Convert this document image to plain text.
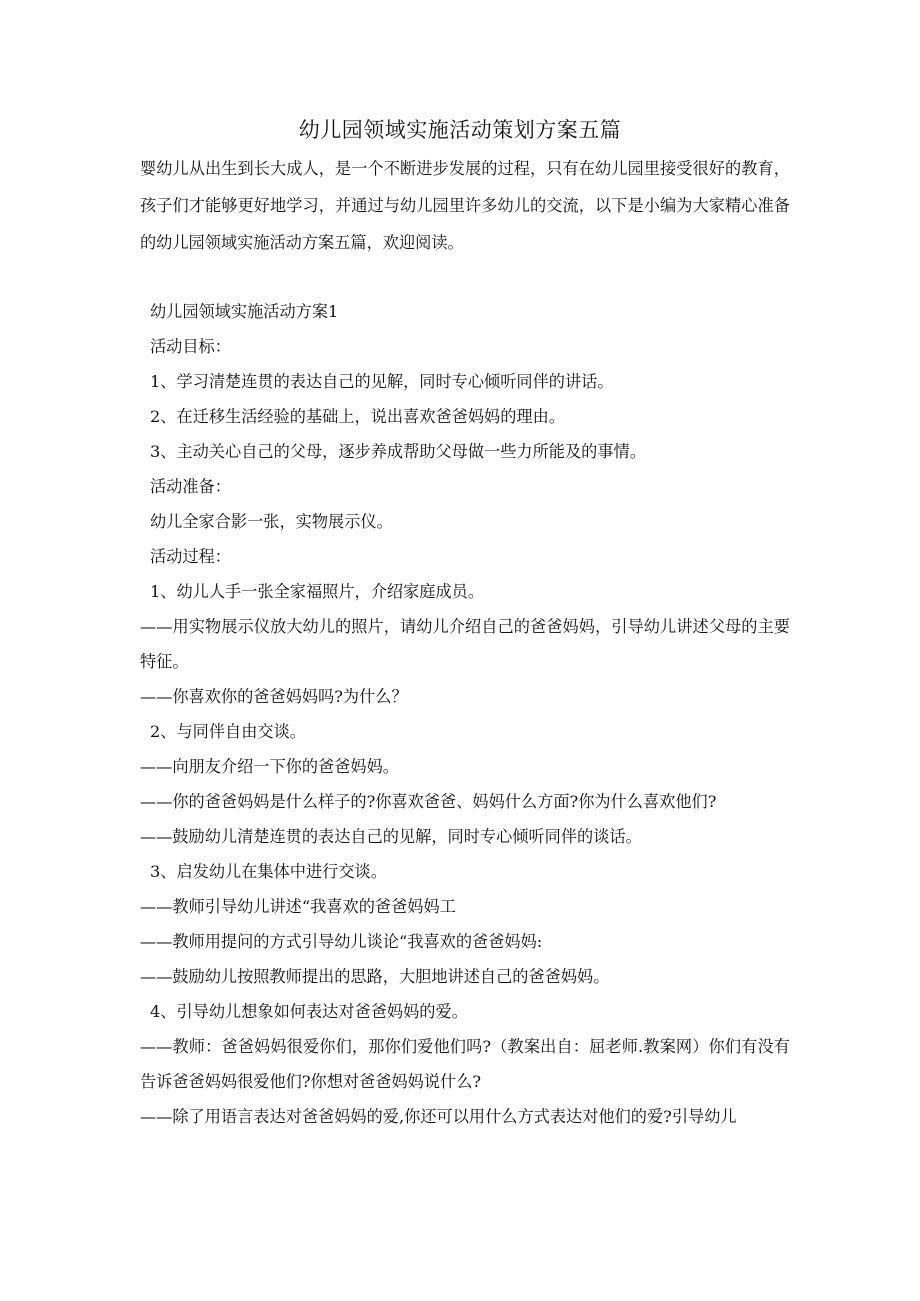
幼儿园领域实施活动策划方案五篇
婴幼儿从出生到长大成人，是一个不断进步发展的过程，只有在幼儿园里接受很好的教育，孩子们才能够更好地学习，并通过与幼儿园里许多幼儿的交流，以下是小编为大家精心准备的幼儿园领域实施活动方案五篇，欢迎阅读。

幼儿园领域实施活动方案1

活动目标：

1、学习清楚连贯的表达自己的见解，同时专心倾听同伴的讲话。

2、在迁移生活经验的基础上，说出喜欢爸爸妈妈的理由。

3、主动关心自己的父母，逐步养成帮助父母做一些力所能及的事情。

活动准备：

幼儿全家合影一张，实物展示仪。

活动过程：

1、幼儿人手一张全家福照片，介绍家庭成员。

——用实物展示仪放大幼儿的照片，请幼儿介绍自己的爸爸妈妈，引导幼儿讲述父母的主要特征。

——你喜欢你的爸爸妈妈吗?为什么？

2、与同伴自由交谈。

——向朋友介绍一下你的爸爸妈妈。

——你的爸爸妈妈是什么样子的?你喜欢爸爸、妈妈什么方面?你为什么喜欢他们?

——鼓励幼儿清楚连贯的表达自己的见解，同时专心倾听同伴的谈话。

3、启发幼儿在集体中进行交谈。

——教师引导幼儿讲述“我喜欢的爸爸妈妈工

——教师用提问的方式引导幼儿谈论“我喜欢的爸爸妈妈:

——鼓励幼儿按照教师提出的思路，大胆地讲述自己的爸爸妈妈。

4、引导幼儿想象如何表达对爸爸妈妈的爱。

——教师：爸爸妈妈很爱你们，那你们爱他们吗?（教案出自：屈老师.教案网）你们有没有告诉爸爸妈妈很爱他们?你想对爸爸妈妈说什么?

——除了用语言表达对爸爸妈妈的爱,你还可以用什么方式表达对他们的爱?引导幼儿
